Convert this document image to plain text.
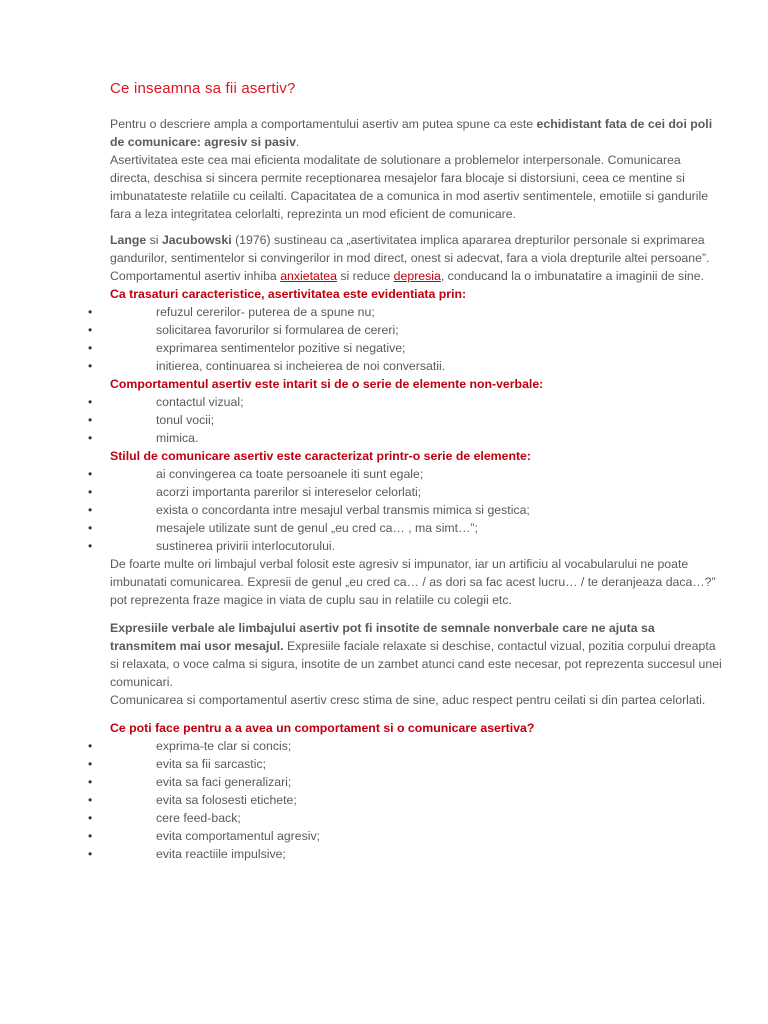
Ce inseamna sa fii asertiv?

Pentru o descriere ampla a comportamentului asertiv am putea spune ca este echidistant fata de cei doi poli de comunicare: agresiv si pasiv.

Asertivitatea este cea mai eficienta modalitate de solutionare a problemelor interpersonale. Comunicarea directa, deschisa si sincera permite receptionarea mesajelor fara blocaje si distorsiuni, ceea ce mentine si imbunatateste relatiile cu ceilalti. Capacitatea de a comunica in mod asertiv sentimentele, emotiile si gandurile fara a leza integritatea celorlalti, reprezinta un mod eficient de comunicare.

Lange si Jacubowski (1976) sustineau ca „asertivitatea implica apararea drepturilor personale si exprimarea gandurilor, sentimentelor si convingerilor in mod direct, onest si adecvat, fara a viola drepturile altei persoane”.

Comportamentul asertiv inhiba anxietatea si reduce depresia, conducand la o imbunatatire a imaginii de sine.

Ca trasaturi caracteristice, asertivitatea este evidentiata prin:

• refuzul cererilor- puterea de a spune nu;
• solicitarea favorurilor si formularea de cereri;
• exprimarea sentimentelor pozitive si negative;
• initierea, continuarea si incheierea de noi conversatii.

Comportamentul asertiv este intarit si de o serie de elemente non-verbale:

• contactul vizual;
• tonul vocii;
• mimica.

Stilul de comunicare asertiv este caracterizat printr-o serie de elemente:

• ai convingerea ca toate persoanele iti sunt egale;
• acorzi importanta parerilor si intereselor celorlati;
• exista o concordanta intre mesajul verbal transmis mimica si gestica;
• mesajele utilizate sunt de genul „eu cred ca… , ma simt…”;
• sustinerea privirii interlocutorului.

De foarte multe ori limbajul verbal folosit este agresiv si impunator, iar un artificiu al vocabularului ne poate imbunatati comunicarea. Expresii de genul „eu cred ca… / as dori sa fac acest lucru… / te deranjeaza daca…?” pot reprezenta fraze magice in viata de cuplu sau in relatiile cu colegii etc.

Expresiile verbale ale limbajului asertiv pot fi insotite de semnale nonverbale care ne ajuta sa transmitem mai usor mesajul. Expresiile faciale relaxate si deschise, contactul vizual, pozitia corpului dreapta si relaxata, o voce calma si sigura, insotite de un zambet atunci cand este necesar, pot reprezenta succesul unei comunicari.

Comunicarea si comportamentul asertiv cresc stima de sine, aduc respect pentru ceilati si din partea celorlati.

Ce poti face pentru a a avea un comportament si o comunicare asertiva?

• exprima-te clar si concis;
• evita sa fii sarcastic;
• evita sa faci generalizari;
• evita sa folosesti etichete;
• cere feed-back;
• evita comportamentul agresiv;
• evita reactiile impulsive;
